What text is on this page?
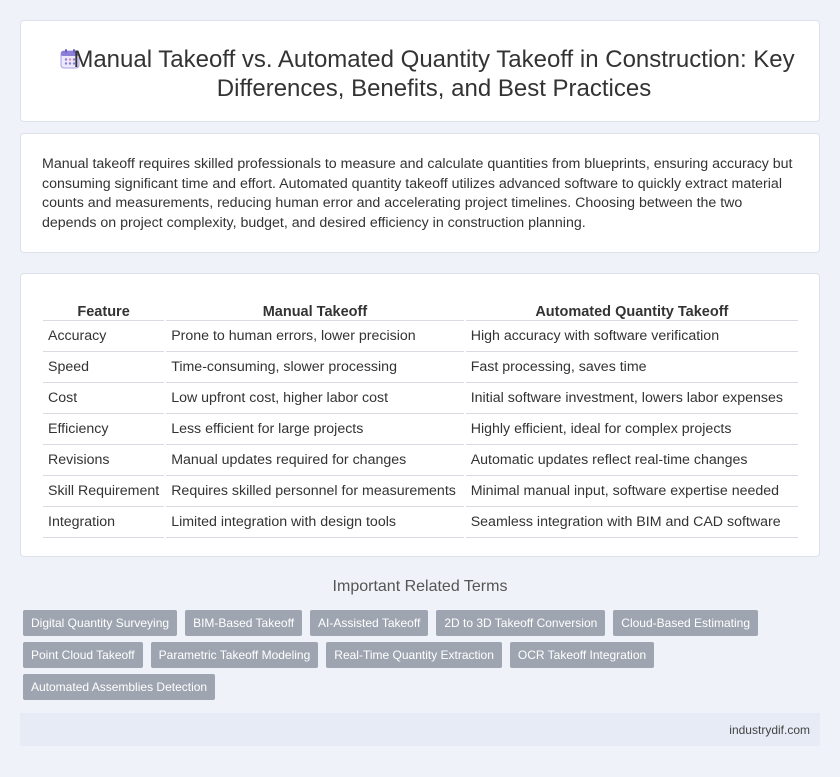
Manual Takeoff vs. Automated Quantity Takeoff in Construction: Key Differences, Benefits, and Best Practices

Manual takeoff requires skilled professionals to measure and calculate quantities from blueprints, ensuring accuracy but consuming significant time and effort. Automated quantity takeoff utilizes advanced software to quickly extract material counts and measurements, reducing human error and accelerating project timelines. Choosing between the two depends on project complexity, budget, and desired efficiency in construction planning.

Feature	Manual Takeoff	Automated Quantity Takeoff
Accuracy	Prone to human errors, lower precision	High accuracy with software verification
Speed	Time-consuming, slower processing	Fast processing, saves time
Cost	Low upfront cost, higher labor cost	Initial software investment, lowers labor expenses
Efficiency	Less efficient for large projects	Highly efficient, ideal for complex projects
Revisions	Manual updates required for changes	Automatic updates reflect real-time changes
Skill Requirement	Requires skilled personnel for measurements	Minimal manual input, software expertise needed
Integration	Limited integration with design tools	Seamless integration with BIM and CAD software
Important Related Terms
Digital Quantity Surveying	BIM-Based Takeoff	AI-Assisted Takeoff	2D to 3D Takeoff Conversion	Cloud-Based Estimating
Point Cloud Takeoff	Parametric Takeoff Modeling	Real-Time Quantity Extraction	OCR Takeoff Integration
Automated Assemblies Detection
industrydif.com
